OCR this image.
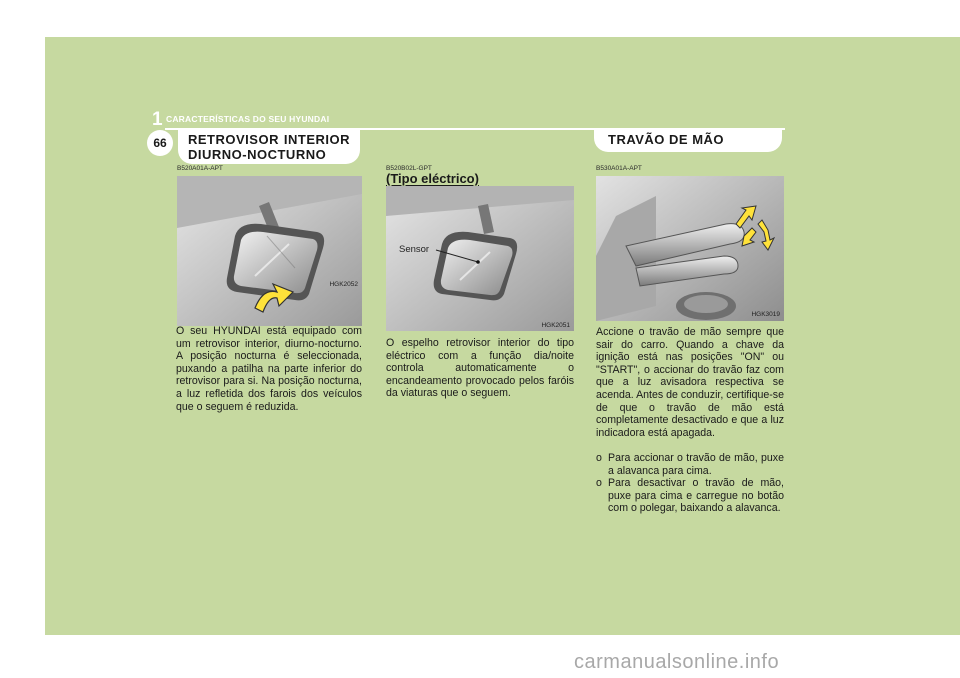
1 CARACTERÍSTICAS DO SEU HYUNDAI
66	RETROVISOR INTERIOR
DIURNO-NOCTURNO
B520A01A-APT
HGK2052
O seu HYUNDAI está equipado com um retrovisor interior, diurno-nocturno. A posição nocturna é seleccionada, puxando a patilha na parte inferior do retrovisor para si. Na posição nocturna, a luz refletida dos farois dos veículos que o seguem é reduzida.
B520B02L-GPT
(Tipo eléctrico)
Sensor
HGK2051
O espelho retrovisor interior do tipo eléctrico com a função dia/noite controla automaticamente o encandeamento provocado pelos faróis da viaturas que o seguem.
TRAVÃO DE MÃO
B530A01A-APT
HGK3019
Accione o travão de mão sempre que sair do carro. Quando a chave da ignição está nas posições "ON" ou "START", o accionar do travão faz com que a luz avisadora respectiva se acenda. Antes de conduzir, certifique-se de que o travão de mão está completamente desactivado e que a luz indicadora está apagada.
o Para accionar o travão de mão, puxe a alavanca para cima.
o Para desactivar o travão de mão, puxe para cima e carregue no botão com o polegar, baixando a alavanca.
carmanualsonline.info
